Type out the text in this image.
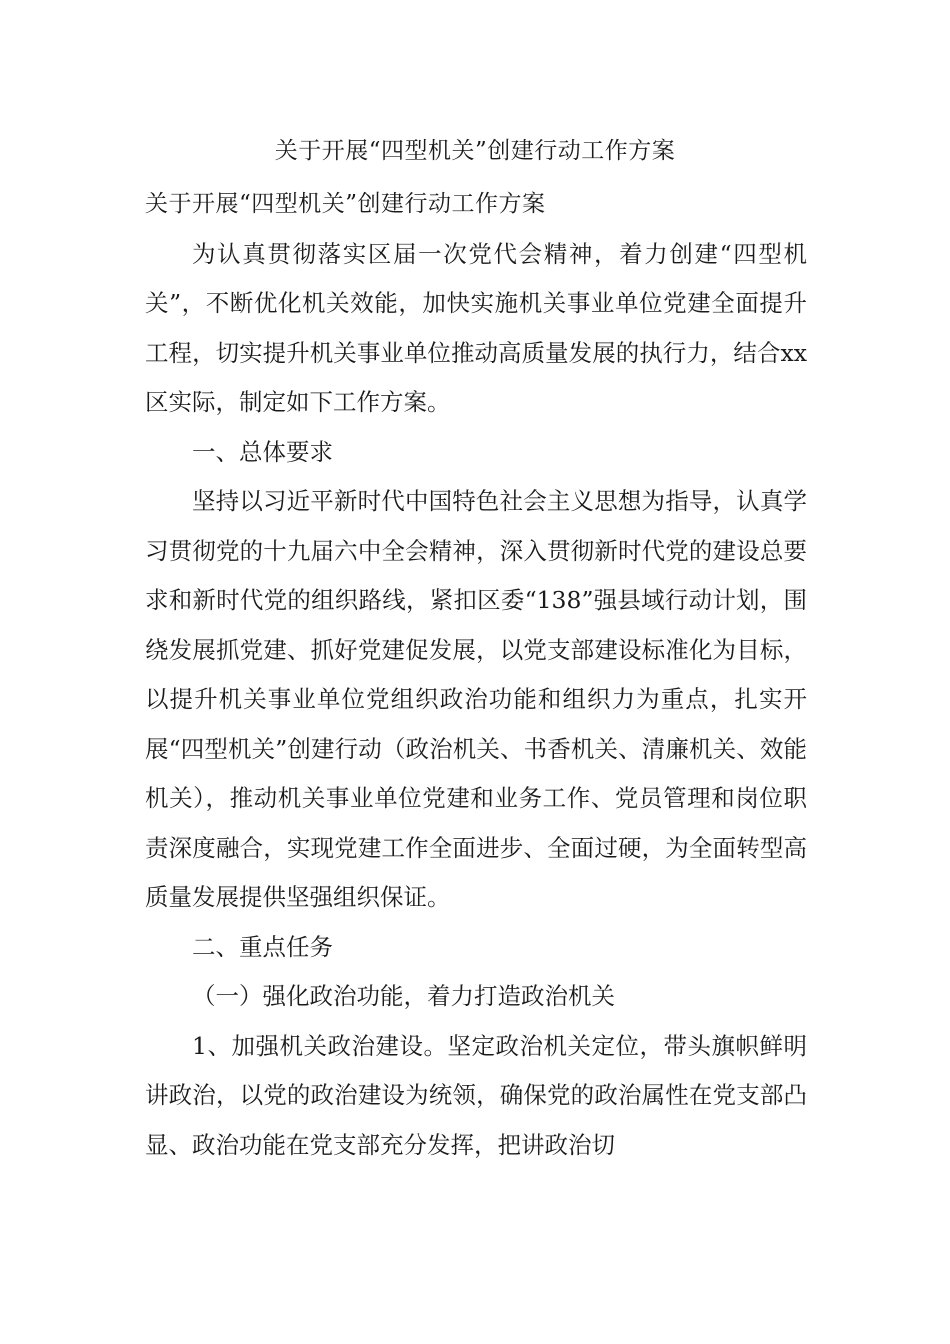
关于开展“四型机关”创建行动工作方案

关于开展“四型机关”创建行动工作方案

为认真贯彻落实区届一次党代会精神，着力创建“四型机关”，不断优化机关效能，加快实施机关事业单位党建全面提升工程，切实提升机关事业单位推动高质量发展的执行力，结合xx区实际，制定如下工作方案。

一、总体要求

坚持以习近平新时代中国特色社会主义思想为指导，认真学习贯彻党的十九届六中全会精神，深入贯彻新时代党的建设总要求和新时代党的组织路线，紧扣区委“138”强县域行动计划，围绕发展抓党建、抓好党建促发展，以党支部建设标准化为目标，以提升机关事业单位党组织政治功能和组织力为重点，扎实开展“四型机关”创建行动（政治机关、书香机关、清廉机关、效能机关），推动机关事业单位党建和业务工作、党员管理和岗位职责深度融合，实现党建工作全面进步、全面过硬，为全面转型高质量发展提供坚强组织保证。

二、重点任务

（一）强化政治功能，着力打造政治机关

1、加强机关政治建设。坚定政治机关定位，带头旗帜鲜明讲政治，以党的政治建设为统领，确保党的政治属性在党支部凸显、政治功能在党支部充分发挥，把讲政治切
